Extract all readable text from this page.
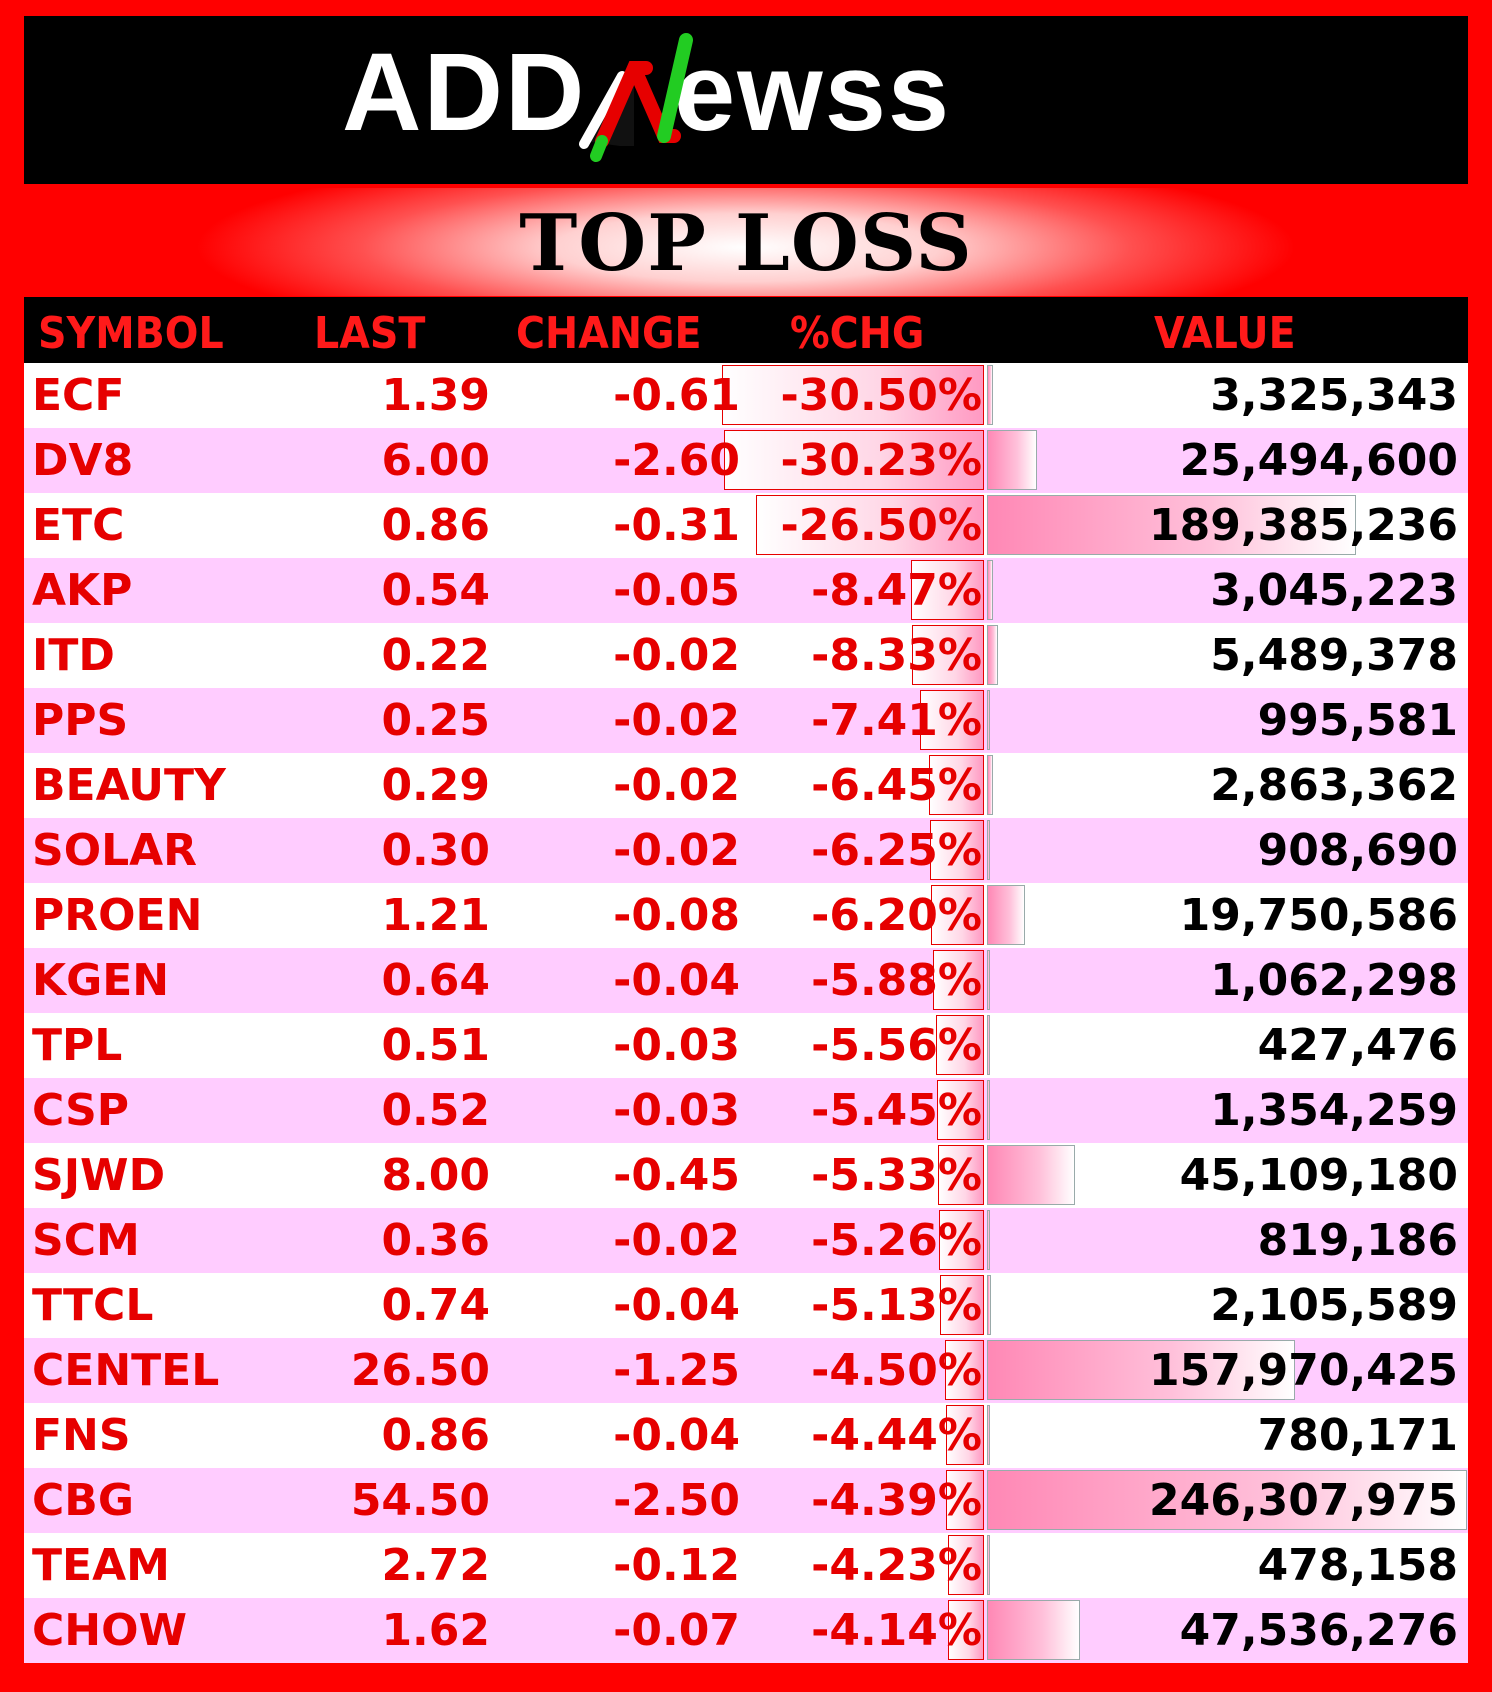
ADD ewss
TOP LOSS
SYMBOL LAST CHANGE %CHG	VALUE
ECF	1.39	-0.61 -30.50%	3,325,343
DV8	6.00	-2.60 -30.23%	25,494,600
ETC	0.86	-0.31 -26.50%	189,385,236
AKP	0.54	-0.05	-8.47%	3,045,223
ITD	0.22	-0.02	-8.33%	5,489,378
PPS	0.25	-0.02	-7.41%	995,581
BEAUTY	0.29	-0.02	-6.45%	2,863,362
SOLAR	0.30	-0.02	-6.25%	908,690
PROEN	1.21	-0.08	-6.20%	19,750,586
KGEN	0.64	-0.04	-5.88%	1,062,298
TPL	0.51	-0.03	-5.56%	427,476
CSP	0.52	-0.03	-5.45%	1,354,259
SJWD	8.00	-0.45	-5.33%	45,109,180
SCM	0.36	-0.02	-5.26%	819,186
TTCL	0.74	-0.04	-5.13%	2,105,589
CENTEL	26.50	-1.25	-4.50%	157,970,425
FNS	0.86	-0.04	-4.44%	780,171
CBG	54.50	-2.50	-4.39%	246,307,975
TEAM	2.72	-0.12	-4.23%	478,158
CHOW	1.62	-0.07	-4.14%	47,536,276
